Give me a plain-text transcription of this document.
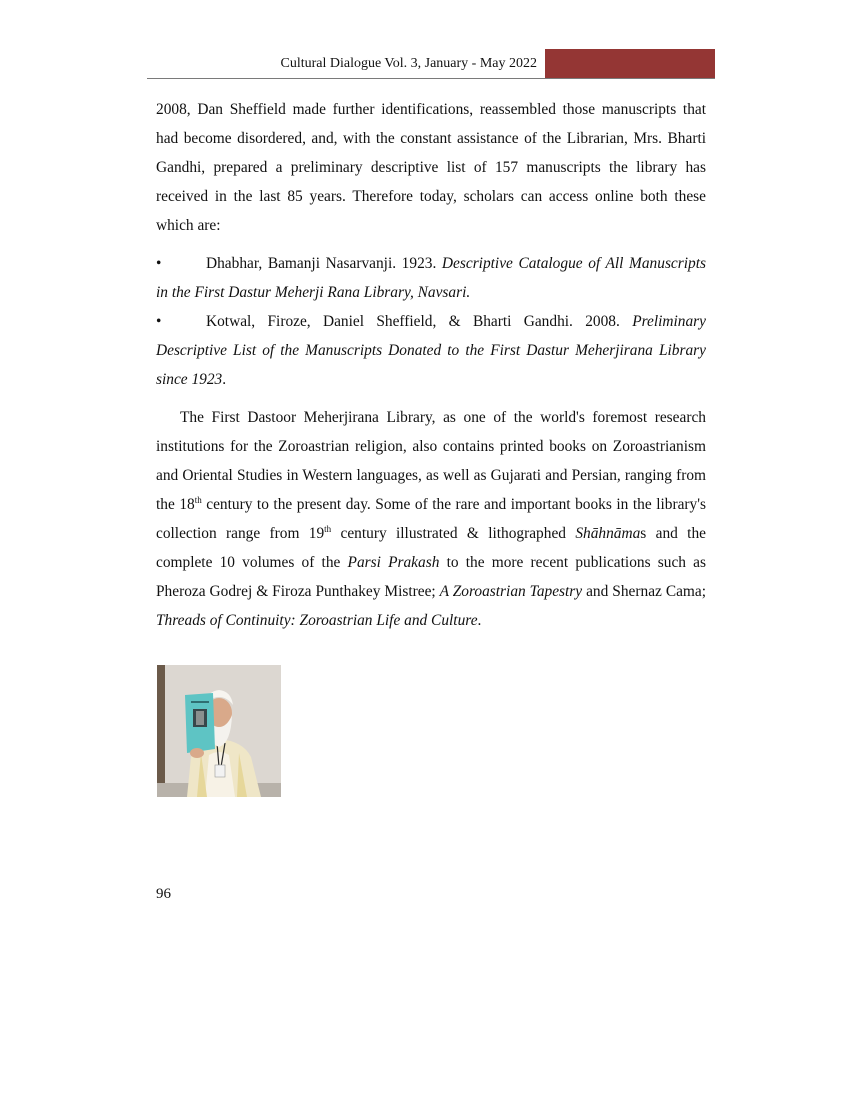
Cultural Dialogue Vol. 3, January - May 2022

2008, Dan Sheffield made further identifications, reassembled those manuscripts that had become disordered, and, with the constant assistance of the Librarian, Mrs. Bharti Gandhi, prepared a preliminary descriptive list of 157 manuscripts the library has received in the last 85 years. Therefore today, scholars can access online both these which are:

•	Dhabhar, Bamanji Nasarvanji. 1923. Descriptive Catalogue of All Manuscripts in the First Dastur Meherji Rana Library, Navsari.

•	Kotwal, Firoze, Daniel Sheffield, & Bharti Gandhi. 2008. Preliminary Descriptive List of the Manuscripts Donated to the First Dastur Meherjirana Library since 1923.

The First Dastoor Meherjirana Library, as one of the world's foremost research institutions for the Zoroastrian religion, also contains printed books on Zoroastrianism and Oriental Studies in Western languages, as well as Gujarati and Persian, ranging from the 18th century to the present day. Some of the rare and important books in the library's collection range from 19th century illustrated & lithographed Shāhnāmas and the complete 10 volumes of the Parsi Prakash to the more recent publications such as Pheroza Godrej & Firoza Punthakey Mistree; A Zoroastrian Tapestry and Shernaz Cama; Threads of Continuity: Zoroastrian Life and Culture.

96
